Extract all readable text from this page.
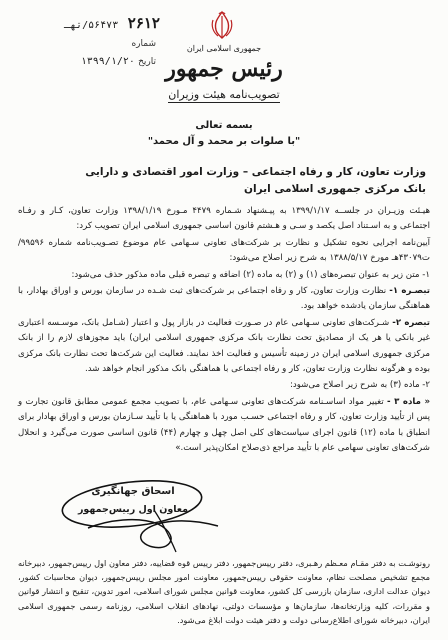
۲۶۱۲   ۵۶۴۷۳/تهـ
شماره
تاریخ ۱۳۹۹/۱/۲۰
جمهوری اسلامی ایران
رئیس جمهور
تصویب‌نامه هیئت وزیران
بسمه تعالی
"با صلوات بر محمد و آل محمد"
وزارت تعاون، کار و رفاه اجتماعی – وزارت امور اقتصادی و دارایی
بانک مرکزی جمهوری اسلامی ایران

هیـئت وزیـران در جلســه ۱۳۹۹/۱/۱۷ به پیـشنهاد شـماره ۴۴۷۹ مـورخ ۱۳۹۸/۱/۱۹ وزارت تعاون، کـار و رفـاه اجتماعی و به اسـتناد اصل یکصد و سـی و هـشتم قانون اساسی جمهوری اسلامی ایران تصویب کرد:

آیین‌نامه اجرایی نحوه تشکیل و نظارت بر شرکت‌های تعاونی سـهامی عام موضوع تصـویب‌نامه شماره ۹۹۵۹۶/ت۴۳۰۷۹هـ مورخ ۱۳۸۸/۵/۱۷ به شرح زیر اصلاح می‌شود:

۱- متن زیر به عنوان تبصره‌های (۱) و (۲) به ماده (۲) اضافه و تبصره قبلی ماده مذکور حذف می‌شود:

تبصـره ۱- نظارت وزارت تعاون، کار و رفاه اجتماعی بر شرکت‌های ثبت شـده در سازمان بورس و اوراق بهادار، با هماهنگی سازمان یادشده خواهد بود.

تبصره ۲- شـرکت‌های تعاونی سـهامی عام در صـورت فعالیت در بازار پول و اعتبار (شـامل بانک، موسـسه اعتباری غیر بانکی یا هر یک از مصادیق تحت نظارت بانک مرکزی جمهوری اسلامی ایران) باید مجوزهای لازم را از بانک مرکزی جمهوری اسلامی ایران در زمینه تأسیس و فعالیت اخذ نمایند. فعالیت این شرکت‌ها تحت نظارت بانک مرکزی بوده و هرگونه نظارت وزارت تعاون، کار و رفاه اجتماعی با هماهنگی بانک مذکور انجام خواهد شد.

۲- ماده (۳) به شرح زیر اصلاح می‌شود:

« ماده ۳ - تغییر مواد اساسـنامه شرکت‌های تعاونی سـهامی عام، با تصویب مجمع عمومی مطابق قانون تجارت و پس از تأیید وزارت تعاون، کار و رفاه اجتماعی حسـب مورد با هماهنگی یا با تأیید سـازمان بورس و اوراق بهادار برای انطباق با ماده (۱۲) قانون اجرای سیاست‌های کلی اصل چهل و چهارم (۴۴) قانون اساسی صورت می‌گیرد و انحلال شرکت‌های تعاونی سهامی عام با تأیید مراجع ذی‌صلاح امکان‌پذیر است.»

اسحاق جهانگیری
معاون اول رییس‌جمهور
رونوشـت به دفتر مقـام معـظم رهـبری، دفتر رییس‌جمهور، دفتر رییس قوه قضاییه، دفتر معاون اول رییس‌جمهور، دبیرخانه مجمع تشخیص مصلحت نظام، معاونت حقوقی رییس‌جمهور، معاونت امور مجلس رییس‌جمهور، دیوان محاسبات کشور، دیوان عدالت اداری، سازمان بازرسی کل کشور، معاونت قوانین مجلس شورای اسلامی، امور تدوین، تنقیح و انتشار قوانین و مقررات، کلیه وزارتخانه‌ها، سازمان‌ها و مؤسسات دولتی، نهادهای انقلاب اسلامی، روزنامه رسمی جمهوری اسلامی ایران، دبیرخانه شورای اطلاع‌رسانی دولت و دفتر هیئت دولت ابلاغ می‌شود.
